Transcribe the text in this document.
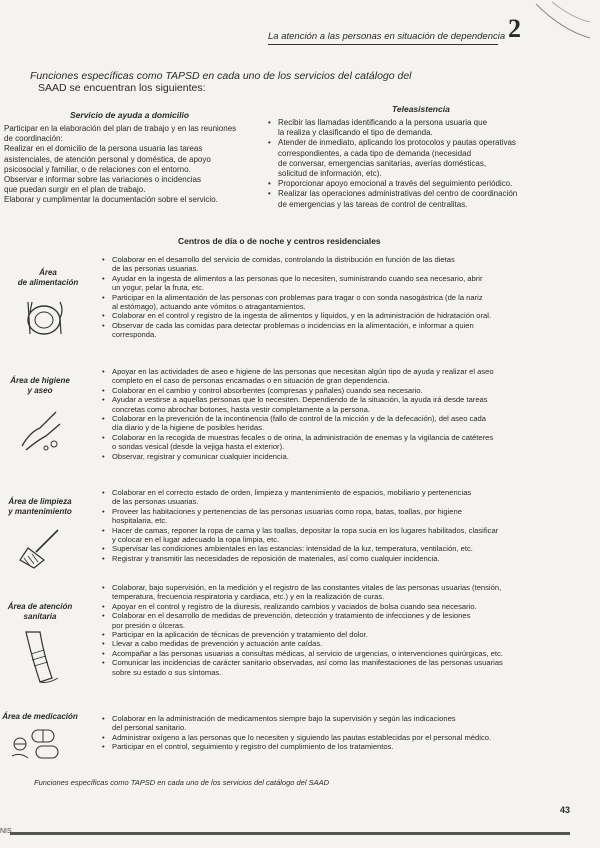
La atención a las personas en situación de dependencia 2
Funciones específicas como TAPSD en cada uno de los servicios del catálogo del
SAAD se encuentran los siguientes:
Servicio de ayuda a domicilio
Participar en la elaboración del plan de trabajo y en las reuniones
de coordinación:
Realizar en el domicilio de la persona usuaria las tareas
asistenciales, de atención personal y doméstica, de apoyo
psicosocial y familiar, o de relaciones con el entorno.
Observar e informar sobre las variaciones o incidencias
que puedan surgir en el plan de trabajo.
Elaborar y cumplimentar la documentación sobre el servicio.
Teleasistencia
• Recibir las llamadas identificando a la persona usuaria que
la realiza y clasificando el tipo de demanda.
• Atender de inmediato, aplicando los protocolos y pautas operativas
correspondientes, a cada tipo de demanda (necesidad
de conversar, emergencias sanitarias, averías domésticas,
solicitud de información, etc).
• Proporcionar apoyo emocional a través del seguimiento periódico.
• Realizar las operaciones administrativas del centro de coordinación
de emergencias y las tareas de control de centralitas.
Centros de día o de noche y centros residenciales
Área
de alimentación
• Colaborar en el desarrollo del servicio de comidas, controlando la distribución en función de las dietas
de las personas usuarias.
• Ayudar en la ingesta de alimentos a las personas que lo necesiten, suministrando cuando sea necesario, abrir
un yogur, pelar la fruta, etc.
• Participar en la alimentación de las personas con problemas para tragar o con sonda nasogástrica (de la nariz
al estómago), actuando ante vómitos o atragantamientos.
• Colaborar en el control y registro de la ingesta de alimentos y líquidos, y en la administración de hidratación oral.
• Observar de cada las comidas para detectar problemas o incidencias en la alimentación, e informar a quien
corresponda.
Área de higiene
y aseo
• Apoyar en las actividades de aseo e higiene de las personas que necesitan algún tipo de ayuda y realizar el aseo
completo en el caso de personas encamadas o en situación de gran dependencia.
• Colaborar en el cambio y control absorbentes (compresas y pañales) cuando sea necesario.
• Ayudar a vestirse a aquellas personas que lo necesiten. Dependiendo de la situación, la ayuda irá desde tareas
concretas como abrochar botones, hasta vestir completamente a la persona.
• Colaborar en la prevención de la incontinencia (fallo de control de la micción y de la defecación), del aseo cada
día diario y de la higiene de posibles heridas.
• Colaborar en la recogida de muestras fecales o de orina, la administración de enemas y la vigilancia de catéteres
o sondas vesical (desde la vejiga hasta el exterior).
• Observar, registrar y comunicar cualquier incidencia.
Área de limpieza
y mantenimiento
• Colaborar en el correcto estado de orden, limpieza y mantenimiento de espacios, mobiliario y pertenencias
de las personas usuarias.
• Proveer las habitaciones y pertenencias de las personas usuarias como ropa, batas, toallas, por higiene
hospitalaria, etc.
• Hacer de camas, reponer la ropa de cama y las toallas, depositar la ropa sucia en los lugares habilitados, clasificar
y colocar en el lugar adecuado la ropa limpia, etc.
• Supervisar las condiciones ambientales en las estancias: intensidad de la luz, temperatura, ventilación, etc.
• Registrar y transmitir las necesidades de reposición de materiales, así como cualquier incidencia.
Área de atención
sanitaria
• Colaborar, bajo supervisión, en la medición y el registro de las constantes vitales de las personas usuarias (tensión,
temperatura, frecuencia respiratoria y cardiaca, etc.) y en la realización de curas.
• Apoyar en el control y registro de la diuresis, realizando cambios y vaciados de bolsa cuando sea necesario.
• Colaborar en el desarrollo de medidas de prevención, detección y tratamiento de infecciones y de lesiones
por presión o úlceras.
• Participar en la aplicación de técnicas de prevención y tratamiento del dolor.
• Llevar a cabo medidas de prevención y actuación ante caídas.
• Acompañar a las personas usuarias a consultas médicas, al servicio de urgencias, o intervenciones quirúrgicas, etc.
• Comunicar las incidencias de carácter sanitario observadas, así como las manifestaciones de las personas usuarias
sobre su estado o sus síntomas.
Área de medicación
•	Colaborar en la administración de medicamentos siempre bajo la supervisión y según las indicaciones
del personal sanitario.
• Administrar oxígeno a las personas que lo necesiten y siguiendo las pautas establecidas por el personal médico.
• Participar en el control, seguimiento y registro del cumplimiento de los tratamientos.
Funciones específicas como TAPSD en cada uno de los servicios del catálogo del SAAD
43
NIS
